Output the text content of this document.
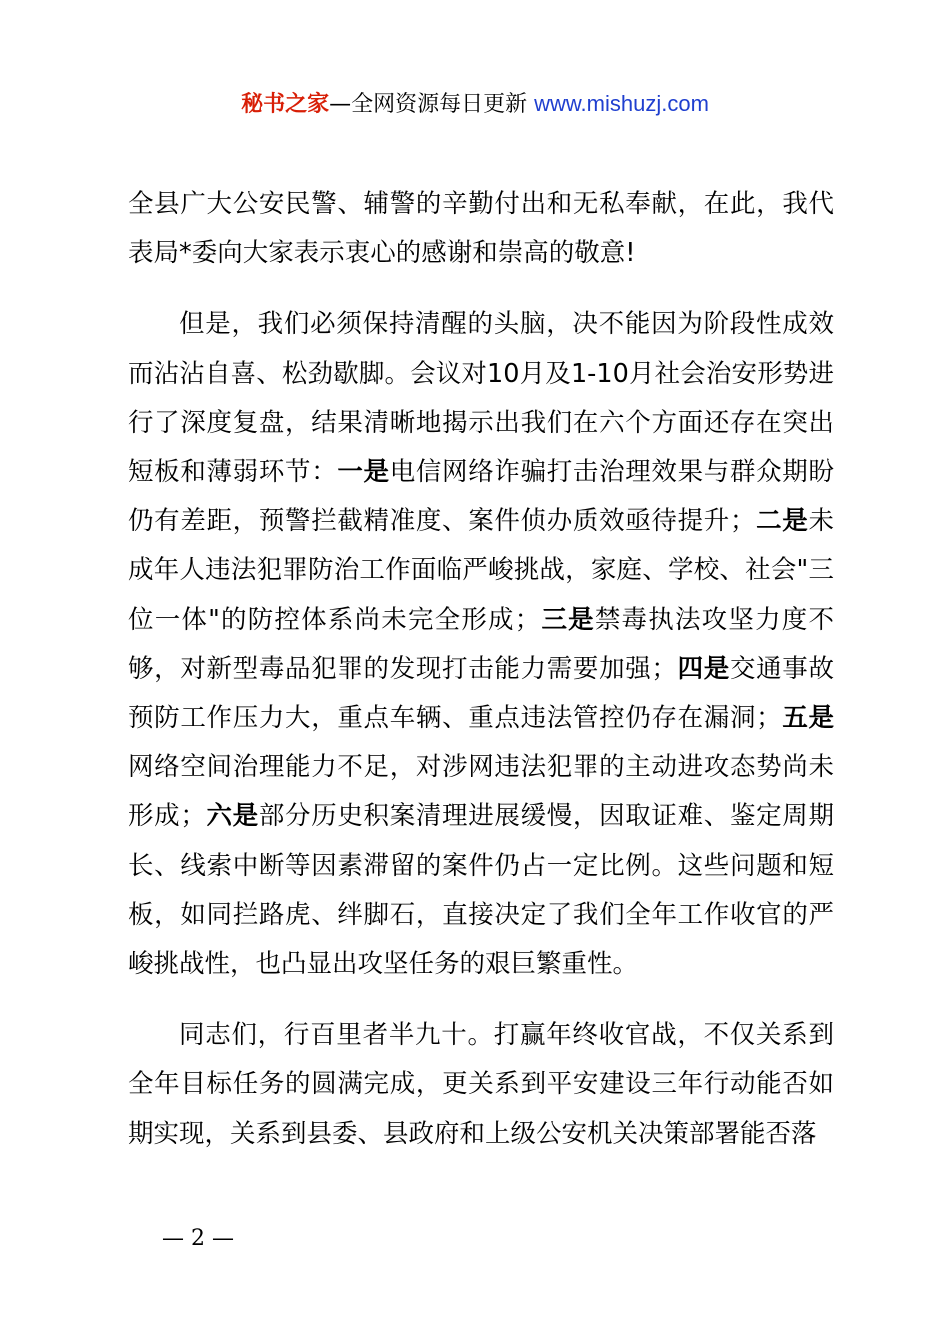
秘书之家—全网资源每日更新 www.mishuzj.com

全县广大公安民警、辅警的辛勤付出和无私奉献，在此，我代表局*委向大家表示衷心的感谢和崇高的敬意!

但是，我们必须保持清醒的头脑，决不能因为阶段性成效而沾沾自喜、松劲歇脚。会议对10月及1-10月社会治安形势进行了深度复盘，结果清晰地揭示出我们在六个方面还存在突出短板和薄弱环节：一是电信网络诈骗打击治理效果与群众期盼仍有差距，预警拦截精准度、案件侦办质效亟待提升；二是未成年人违法犯罪防治工作面临严峻挑战，家庭、学校、社会"三位一体"的防控体系尚未完全形成；三是禁毒执法攻坚力度不够，对新型毒品犯罪的发现打击能力需要加强；四是交通事故预防工作压力大，重点车辆、重点违法管控仍存在漏洞；五是网络空间治理能力不足，对涉网违法犯罪的主动进攻态势尚未形成；六是部分历史积案清理进展缓慢，因取证难、鉴定周期长、线索中断等因素滞留的案件仍占一定比例。这些问题和短板，如同拦路虎、绊脚石，直接决定了我们全年工作收官的严峻挑战性，也凸显出攻坚任务的艰巨繁重性。

同志们，行百里者半九十。打赢年终收官战，不仅关系到全年目标任务的圆满完成，更关系到平安建设三年行动能否如期实现，关系到县委、县政府和上级公安机关决策部署能否落

— 2 —
